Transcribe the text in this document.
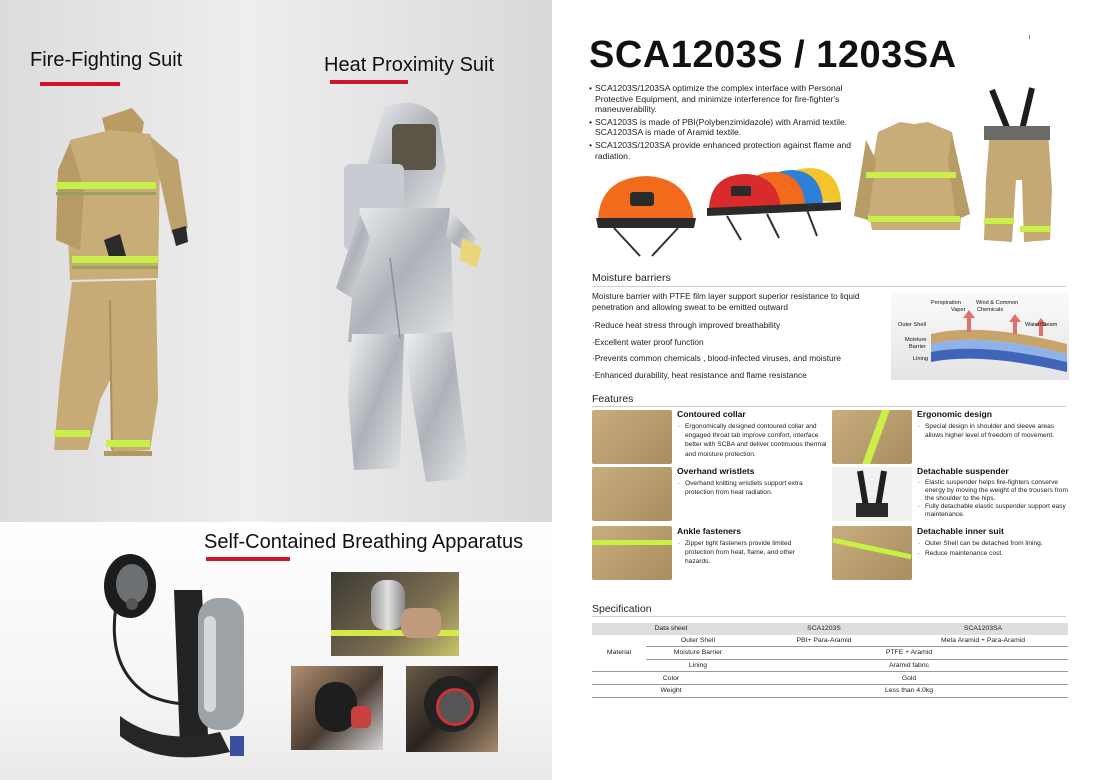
Fire-Fighting Suit	Heat Proximity Suit
Self-Contained Breathing Apparatus
i
SCA1203S / 1203SA
• SCA1203S/1203SA optimize the complex interface with Personal Protective Equipment, and minimize interference for fire-fighter's maneuverability.
• SCA1203S is made of PBI(Polybenzimidazole) with Aramid textile. SCA1203SA is made of Aramid textile.
• SCA1203S/1203SA provide enhanced protection against flame and radiation.
Moisture barriers
Moisture barrier with PTFE film layer support superior resistance to liquid penetration and allowing sweat to be emitted outward
·Reduce heat stress through improved breathability
·Excellent water proof function
·Prevents common chemicals , blood-infected viruses, and moisture
·Enhanced durability, heat resistance and flame resistance
Perspiration
Vapor
Wind & Common
Chemicals
Outer Shell	Water/Steam
Moisture
Barrier
Lining
Features
Contoured collar
· Ergonomically designed contoured collar and engaged throat tab improve comfort, interface better with SCBA and deliver continuous thermal and moisture protection.
Overhand wristlets
· Overhand knitting wristlets support extra protection from heat radiation.
Ankle fasteners
· Zipper tight fasteners provide limited protection from heat, flame, and other hazards.
Ergonomic design
· Special design in shoulder and sleeve areas allows higher level of freedom of movement.
Detachable suspender
· Elastic suspender helps fire-fighters conserve energy by moving the weight of the trousers from the shoulder to the hips.
· Fully detachable elastic suspender support easy maintenance.
Detachable inner suit
· Outer Shell can be detached from lining.
· Reduce maintenance cost.
Specification
Data sheet		SCA1203S	SCA1203SA
Material	Outer Shell	PBI+ Para-Aramid	Meta Aramid + Para-Aramid
	Moisture Barrier	PTFE + Aramid	
	Lining	Aramid fabric	
Color		Gold	
Weight		Less than 4.0kg	
